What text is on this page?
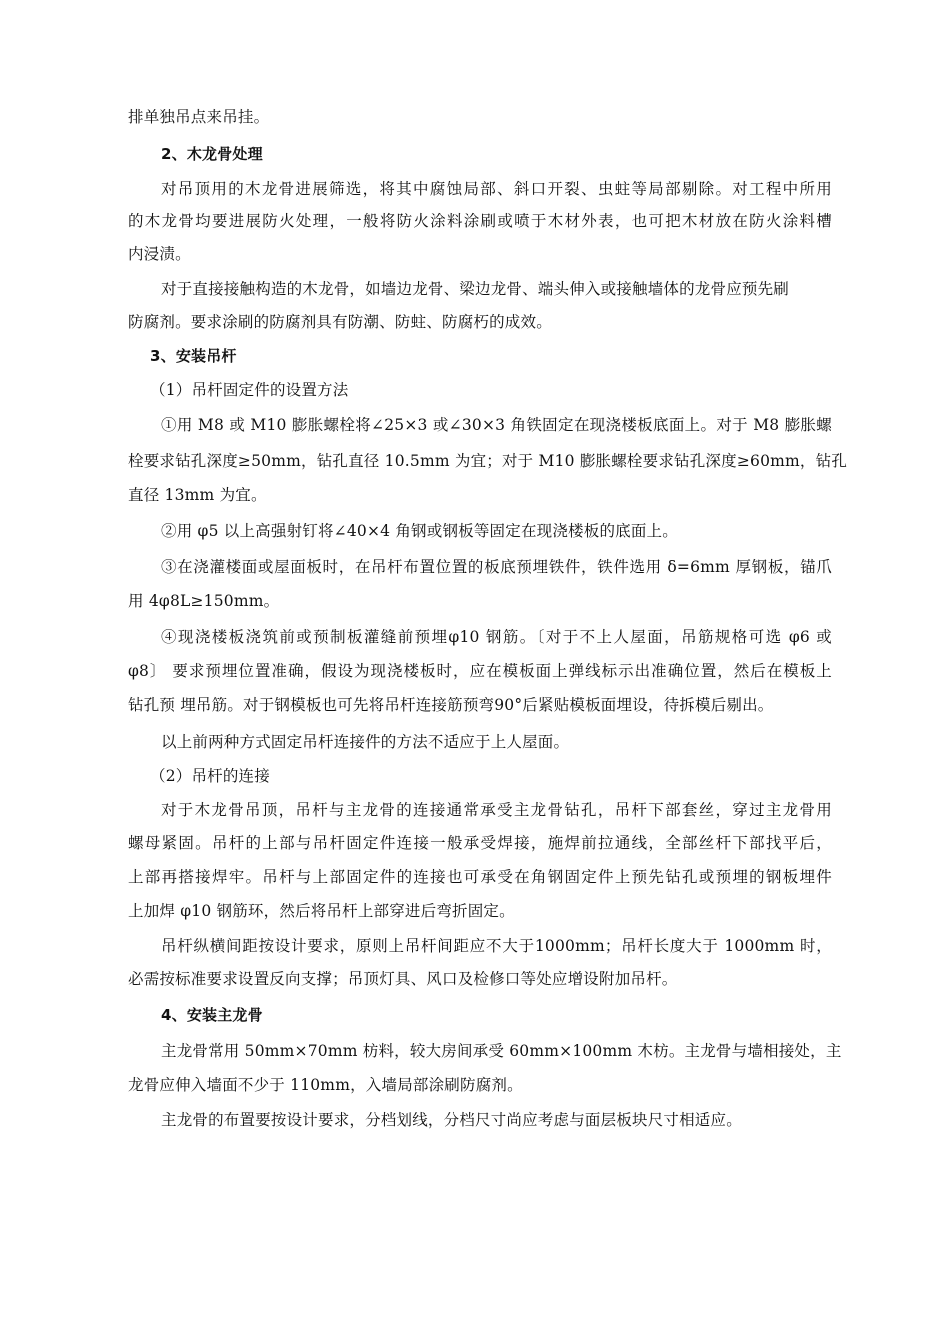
排单独吊点来吊挂。
2、木龙骨处理
对吊顶用的木龙骨进展筛选，将其中腐蚀局部、斜口开裂、虫蛀等局部剔除。对工程中所用
的木龙骨均要进展防火处理，一般将防火涂料涂刷或喷于木材外表，也可把木材放在防火涂料槽
内浸渍。
对于直接接触构造的木龙骨，如墙边龙骨、梁边龙骨、端头伸入或接触墙体的龙骨应预先刷
防腐剂。要求涂刷的防腐剂具有防潮、防蛀、防腐朽的成效。
3、安装吊杆
（1）吊杆固定件的设置方法
①用 M8 或 M10 膨胀螺栓将∠25×3 或∠30×3 角铁固定在现浇楼板底面上。对于 M8 膨胀螺
栓要求钻孔深度≥50mm，钻孔直径 10.5mm 为宜；对于 M10 膨胀螺栓要求钻孔深度≥60mm，钻孔
直径 13mm 为宜。
②用 φ5 以上高强射钉将∠40×4 角钢或钢板等固定在现浇楼板的底面上。
③在浇灌楼面或屋面板时，在吊杆布置位置的板底预埋铁件，铁件选用 δ=6mm 厚钢板，锚爪
用 4φ8L≥150mm。
④现浇楼板浇筑前或预制板灌缝前预埋φ10 钢筋。〔对于不上人屋面，吊筋规格可选 φ6 或
φ8〕 要求预埋位置准确，假设为现浇楼板时，应在模板面上弹线标示出准确位置，然后在模板上
钻孔预 埋吊筋。对于钢模板也可先将吊杆连接筋预弯90°后紧贴模板面埋设，待拆模后剔出。
以上前两种方式固定吊杆连接件的方法不适应于上人屋面。
（2）吊杆的连接
对于木龙骨吊顶，吊杆与主龙骨的连接通常承受主龙骨钻孔，吊杆下部套丝，穿过主龙骨用
螺母紧固。吊杆的上部与吊杆固定件连接一般承受焊接，施焊前拉通线，全部丝杆下部找平后，
上部再搭接焊牢。吊杆与上部固定件的连接也可承受在角钢固定件上预先钻孔或预埋的钢板埋件
上加焊 φ10 钢筋环，然后将吊杆上部穿进后弯折固定。
吊杆纵横间距按设计要求，原则上吊杆间距应不大于1000mm；吊杆长度大于 1000mm 时，
必需按标准要求设置反向支撑；吊顶灯具、风口及检修口等处应增设附加吊杆。
4、安装主龙骨
主龙骨常用 50mm×70mm 枋料，较大房间承受 60mm×100mm 木枋。主龙骨与墙相接处，主
龙骨应伸入墙面不少于 110mm，入墙局部涂刷防腐剂。
主龙骨的布置要按设计要求，分档划线，分档尺寸尚应考虑与面层板块尺寸相适应。
